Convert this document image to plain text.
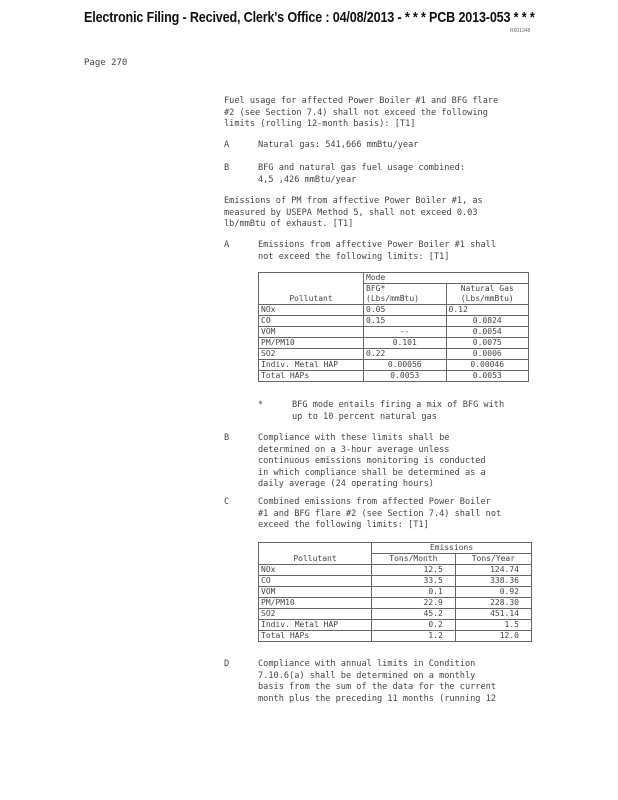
Electronic Filing - Recived, Clerk's Office : 04/08/2013 - * * * PCB 2013-053 * * *
R001348
Page 270
Fuel usage for affected Power Boiler #1 and BFG flare
#2 (see Section 7.4) shall not exceed the following
limits (rolling 12-month basis): [T1]
A	Natural gas: 541,666 mmBtu/year
B	BFG and natural gas fuel usage combined:
4,5 ,426 mmBtu/year
Emissions of PM from affective Power Boiler #1, as
measured by USEPA Method 5, shall not exceed 0.03
lb/mmBtu of exhaust. [T1]
A	Emissions from affective Power Boiler #1 shall
not exceed the following limits: [T1]
Pollutant	Mode	
	BFG*	Natural Gas
	(Lbs/mmBtu)	(Lbs/mmBtu)
NOx	0.05	0.12
CO	0.15	0.0824
VOM	--	0.0054
PM/PM10	0.101	0.0075
SO2	0.22	0.0006
Indiv. Metal HAP	0.00056	0.00046
Total HAPs	0.0053	0.0053
*	BFG mode entails firing a mix of BFG with
up to 10 percent natural gas
B	Compliance with these limits shall be
determined on a 3-hour average unless
continuous emissions monitoring is conducted
in which compliance shall be determined as a
daily average (24 operating hours)
C	Combined emissions from affected Power Boiler
#1 and BFG flare #2 (see Section 7.4) shall not
exceed the following limits: [T1]
Pollutant	Emissions	
	Tons/Month	Tons/Year
NOx	12.5	124.74
CO	33.5	338.36
VOM	0.1	0.92
PM/PM10	22.9	228.30
SO2	45.2	451.14
Indiv. Metal HAP	0.2	1.5
Total HAPs	1.2	12.0
D	Compliance with annual limits in Condition
7.10.6(a) shall be determined on a monthly
basis from the sum of the data for the current
month plus the preceding 11 months (running 12
